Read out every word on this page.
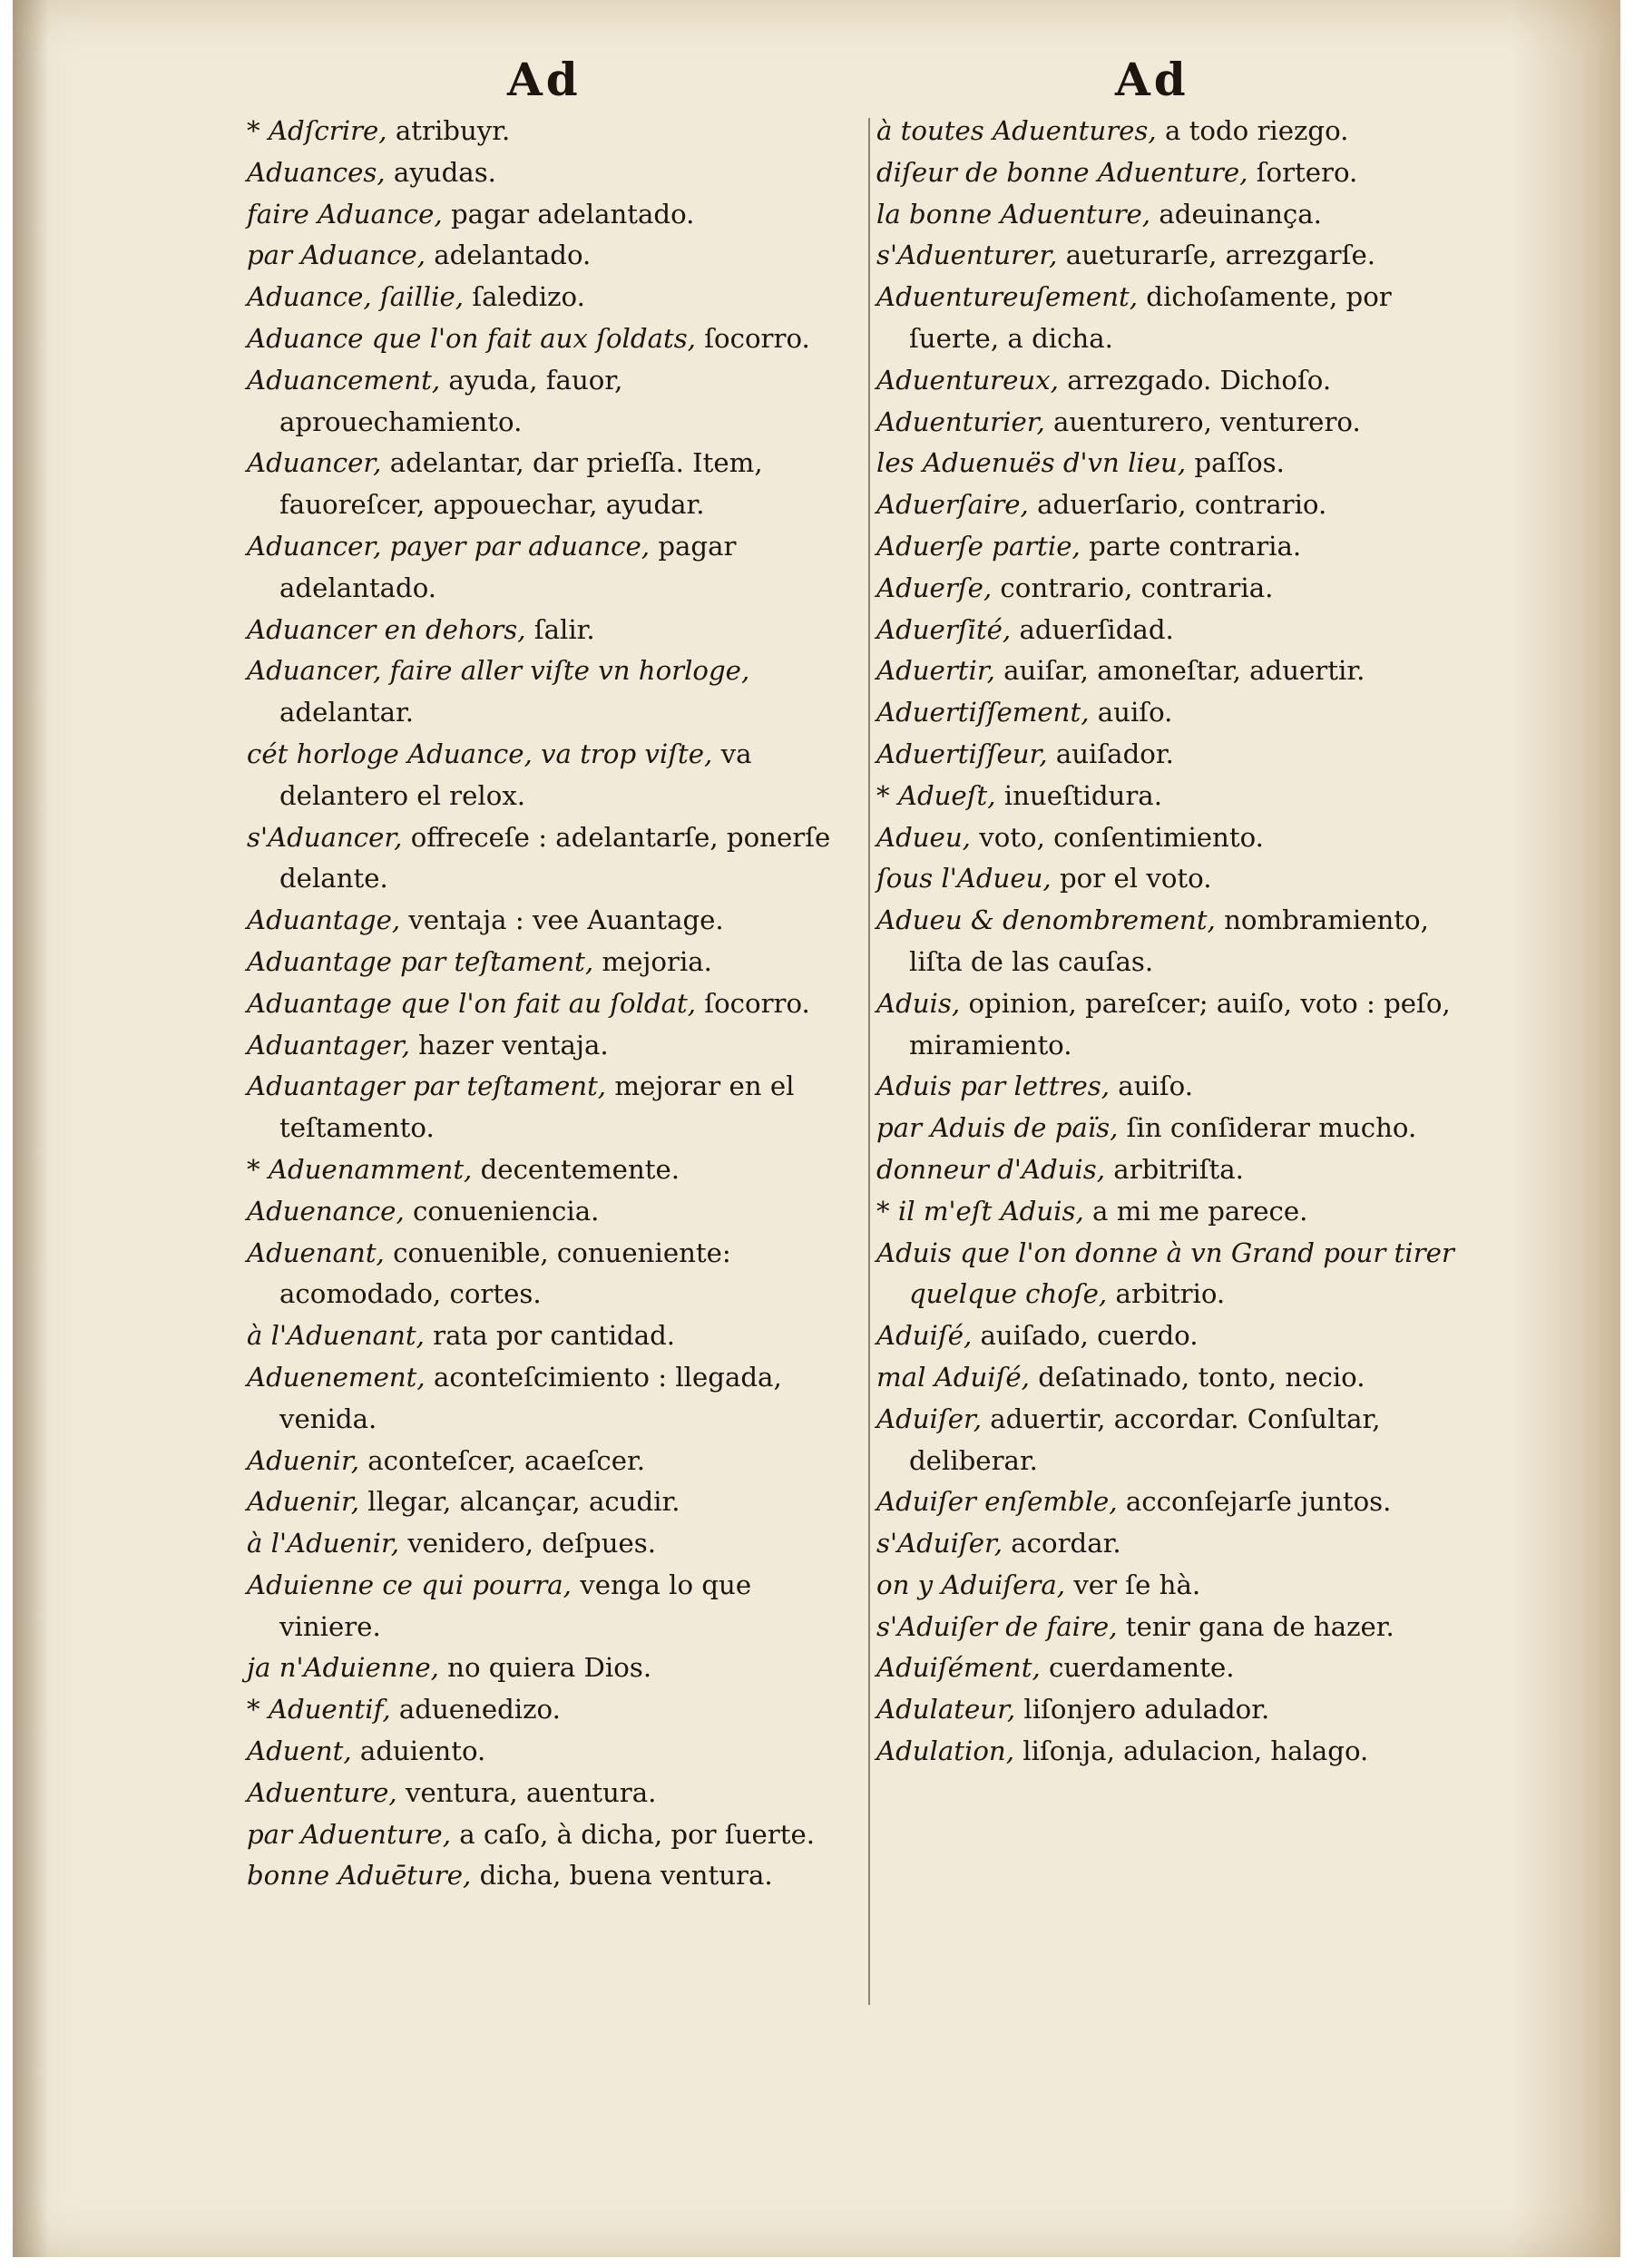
Ad	Ad
* Adſcrire, atribuyr.
Aduances, ayudas.
faire Aduance, pagar adelantado.
par Aduance, adelantado.
Aduance, ſaillie, ſaledizo.
Aduance que l'on fait aux ſoldats, ſocorro.
Aduancement, ayuda, fauor, aprouechamiento.
Aduancer, adelantar, dar prieſſa. Item, fauoreſcer, appouechar, ayudar.
Aduancer, payer par aduance, pagar adelantado.
Aduancer en dehors, ſalir.
Aduancer, faire aller viſte vn horloge, adelantar.
cét horloge Aduance, va trop viſte, va delantero el relox.
s'Aduancer, offreceſe : adelantarſe, ponerſe delante.
Aduantage, ventaja : vee Auantage.
Aduantage par teſtament, mejoria.
Aduantage que l'on fait au ſoldat, ſocorro.
Aduantager, hazer ventaja.
Aduantager par teſtament, mejorar en el teſtamento.
* Aduenamment, decentemente.
Aduenance, conueniencia.
Aduenant, conuenible, conueniente: acomodado, cortes.
à l'Aduenant, rata por cantidad.
Aduenement, aconteſcimiento : llegada, venida.
Aduenir, aconteſcer, acaeſcer.
Aduenir, llegar, alcançar, acudir.
à l'Aduenir, venidero, deſpues.
Aduienne ce qui pourra, venga lo que viniere.
ja n'Aduienne, no quiera Dios.
* Aduentif, aduenedizo.
Aduent, aduiento.
Aduenture, ventura, auentura.
par Aduenture, a caſo, à dicha, por ſuerte.
bonne Aduēture, dicha, buena ventura.
à toutes Aduentures, a todo riezgo.
diſeur de bonne Aduenture, ſortero.
la bonne Aduenture, adeuinança.
s'Aduenturer, aueturarſe, arrezgarſe.
Aduentureuſement, dichoſamente, por ſuerte, a dicha.
Aduentureux, arrezgado. Dichoſo.
Aduenturier, auenturero, venturero.
les Aduenuës d'vn lieu, paſſos.
Aduerſaire, aduerſario, contrario.
Aduerſe partie, parte contraria.
Aduerſe, contrario, contraria.
Aduerſité, aduerſidad.
Aduertir, auiſar, amoneſtar, aduertir.
Aduertiſſement, auiſo.
Aduertiſſeur, auiſador.
* Adueſt, inueſtidura.
Adueu, voto, conſentimiento.
ſous l'Adueu, por el voto.
Adueu & denombrement, nombramiento, liſta de las cauſas.
Aduis, opinion, pareſcer; auiſo, voto : peſo, miramiento.
Aduis par lettres, auiſo.
par Aduis de païs, ſin conſiderar mucho.
donneur d'Aduis, arbitriſta.
* il m'eſt Aduis, a mi me parece.
Aduis que l'on donne à vn Grand pour tirer quelque choſe, arbitrio.
Aduiſé, auiſado, cuerdo.
mal Aduiſé, deſatinado, tonto, necio.
Aduiſer, aduertir, accordar. Conſultar, deliberar.
Aduiſer enſemble, acconſejarſe juntos.
s'Aduiſer, acordar.
on y Aduiſera, ver ſe hà.
s'Aduiſer de faire, tenir gana de hazer.
Aduiſément, cuerdamente.
Adulateur, liſonjero adulador.
Adulation, liſonja, adulacion, halago.
